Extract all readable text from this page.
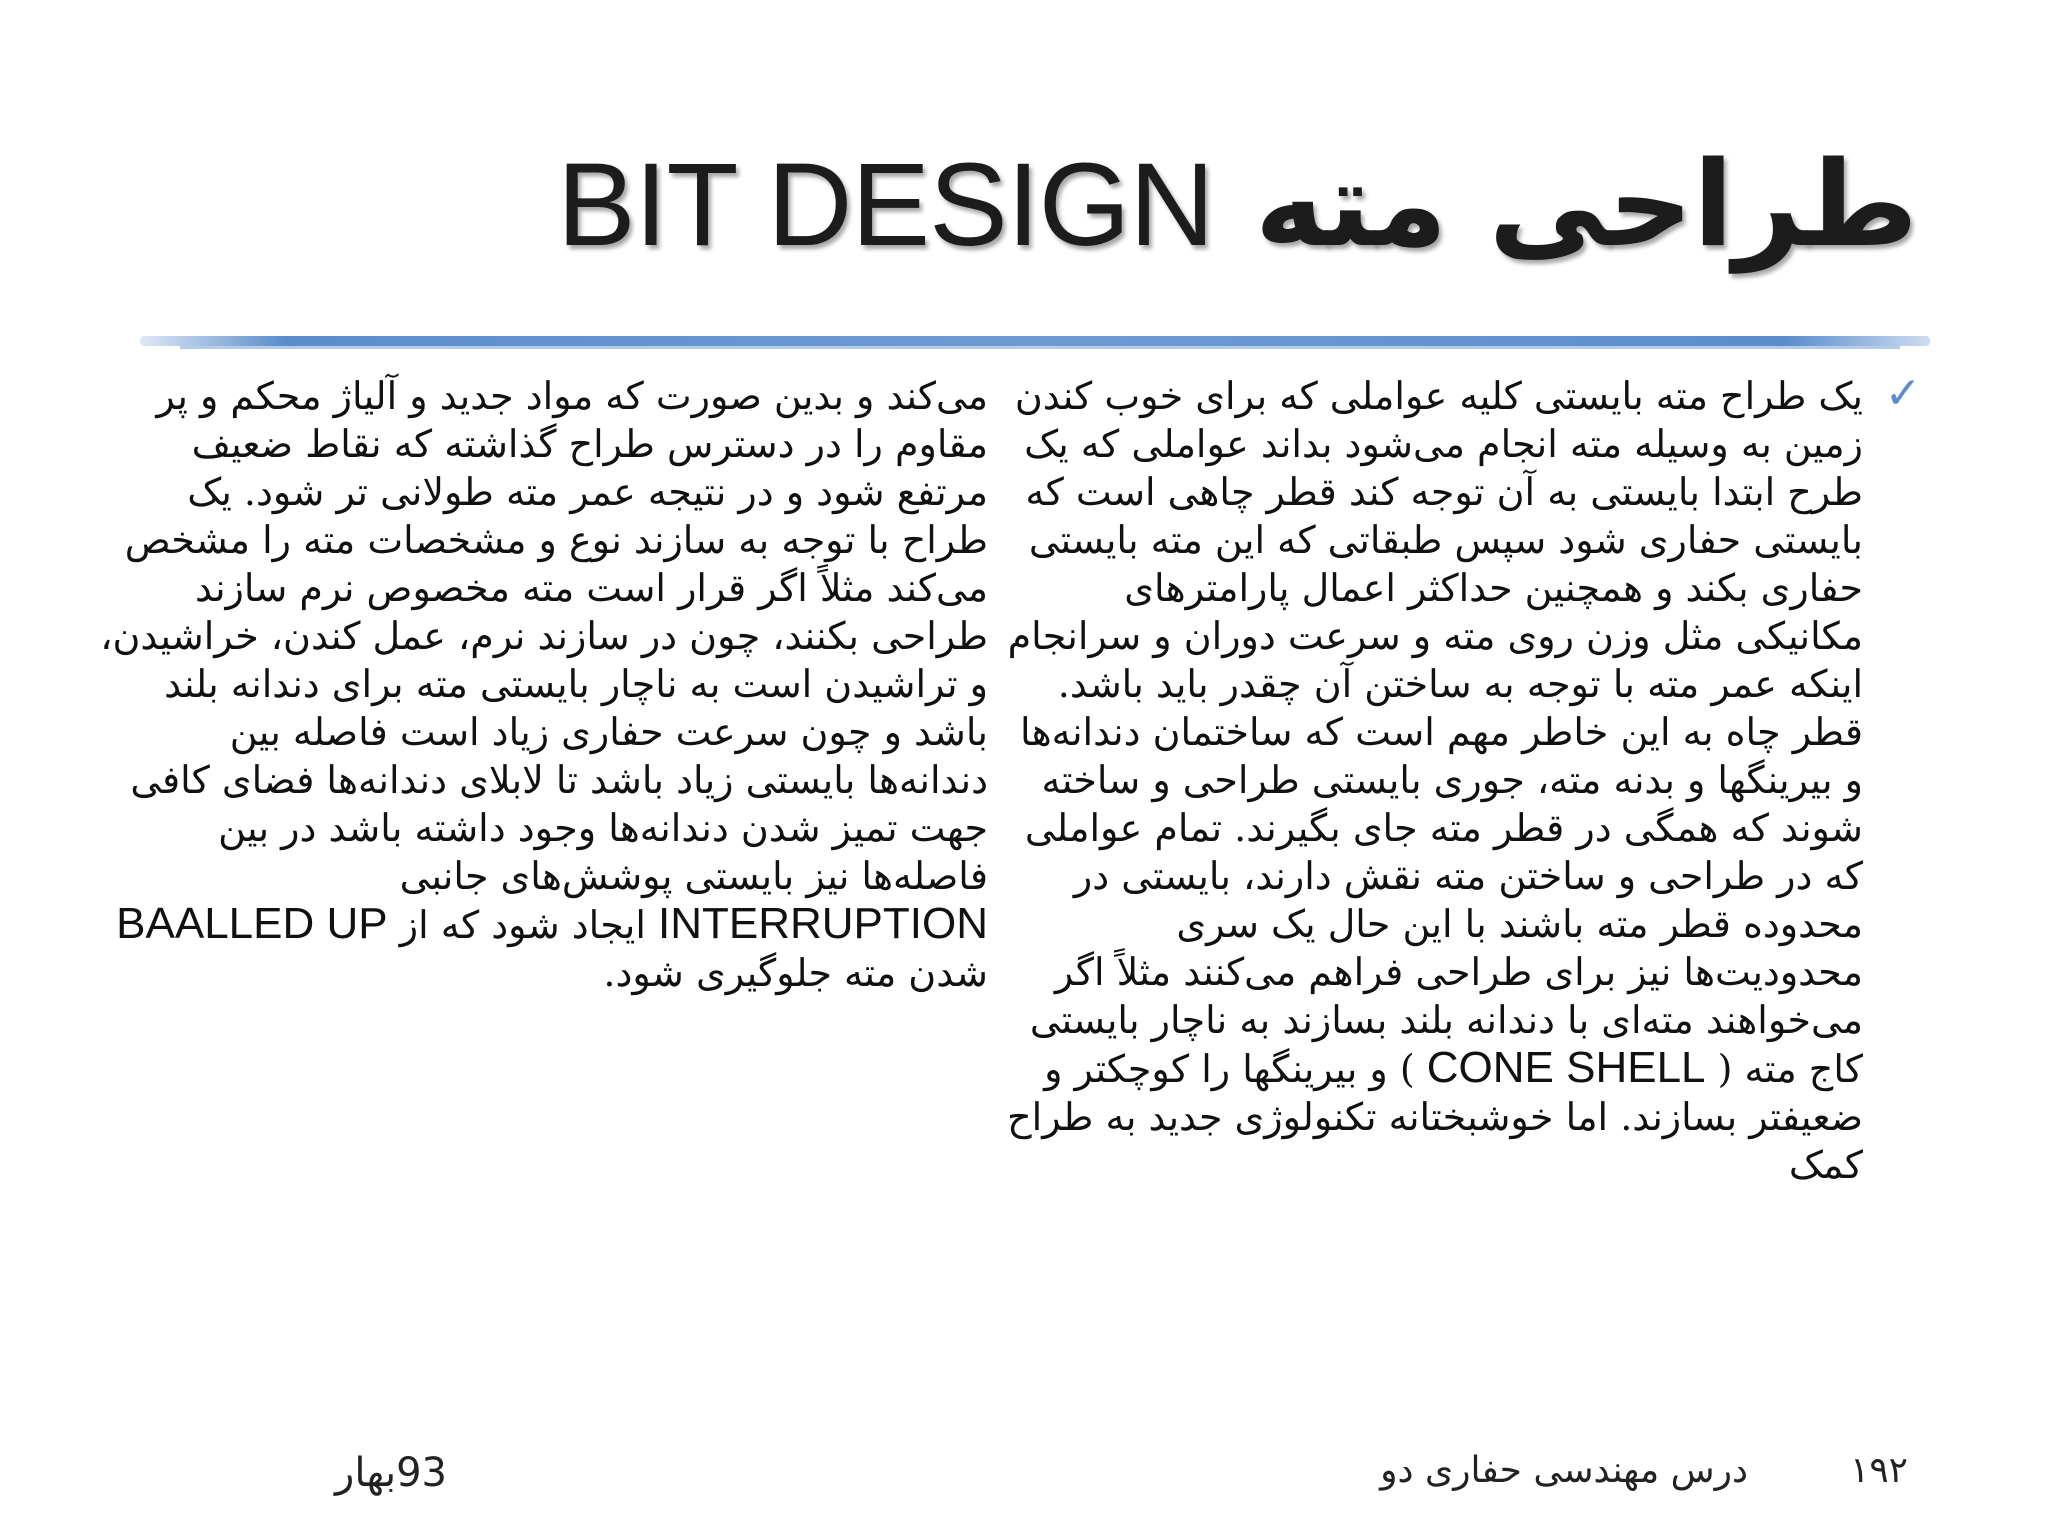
طراحی مته BIT DESIGN
✓

یک طراح مته بایستی کلیه عواملی که برای خوب کندن زمین به وسیله مته انجام می‌شود بداند عواملی که یک طرح ابتدا بایستی به آن توجه کند قطر چاهی است که بایستی حفاری شود سپس طبقاتی که این مته بایستی حفاری بکند و همچنین حداکثر اعمال پارامترهای مکانیکی مثل وزن روی مته و سرعت دوران و سرانجام اینکه عمر مته با توجه به ساختن آن چقدر باید باشد.

قطر چاه به این خاطر مهم است که ساختمان دندانه‌ها و بیرینگها و بدنه مته، جوری بایستی طراحی و ساخته شوند که همگی در قطر مته جای بگیرند. تمام عواملی که در طراحی و ساختن مته نقش دارند، بایستی در محدوده قطر مته باشند با این حال یک سری محدودیت‌ها نیز برای طراحی فراهم می‌کنند مثلاً اگر می‌خواهند مته‌ای با دندانه بلند بسازند به ناچار بایستی کاج مته ( CONE SHELL ) و بیرینگها را کوچکتر و ضعیفتر بسازند. اما خوشبختانه تکنولوژی جدید به طراح کمک

می‌کند و بدین صورت که مواد جدید و آلیاژ محکم و پر مقاوم را در دسترس طراح گذاشته که نقاط ضعیف مرتفع شود و در نتیجه عمر مته طولانی تر شود. یک طراح با توجه به سازند نوع و مشخصات مته را مشخص می‌کند مثلاً اگر قرار است مته مخصوص نرم سازند طراحی بکنند، چون در سازند نرم، عمل کندن، خراشیدن، و تراشیدن است به ناچار بایستی مته برای دندانه بلند باشد و چون سرعت حفاری زیاد است فاصله بین دندانه‌ها بایستی زیاد باشد تا لابلای دندانه‌ها فضای کافی جهت تمیز شدن دندانه‌ها وجود داشته باشد در بین فاصله‌ها نیز بایستی پوشش‌های جانبی INTERRUPTION ایجاد شود که از BAALLED UP شدن مته جلوگیری شود.

۱۹۲
درس مهندسی حفاری دو
93بهار
